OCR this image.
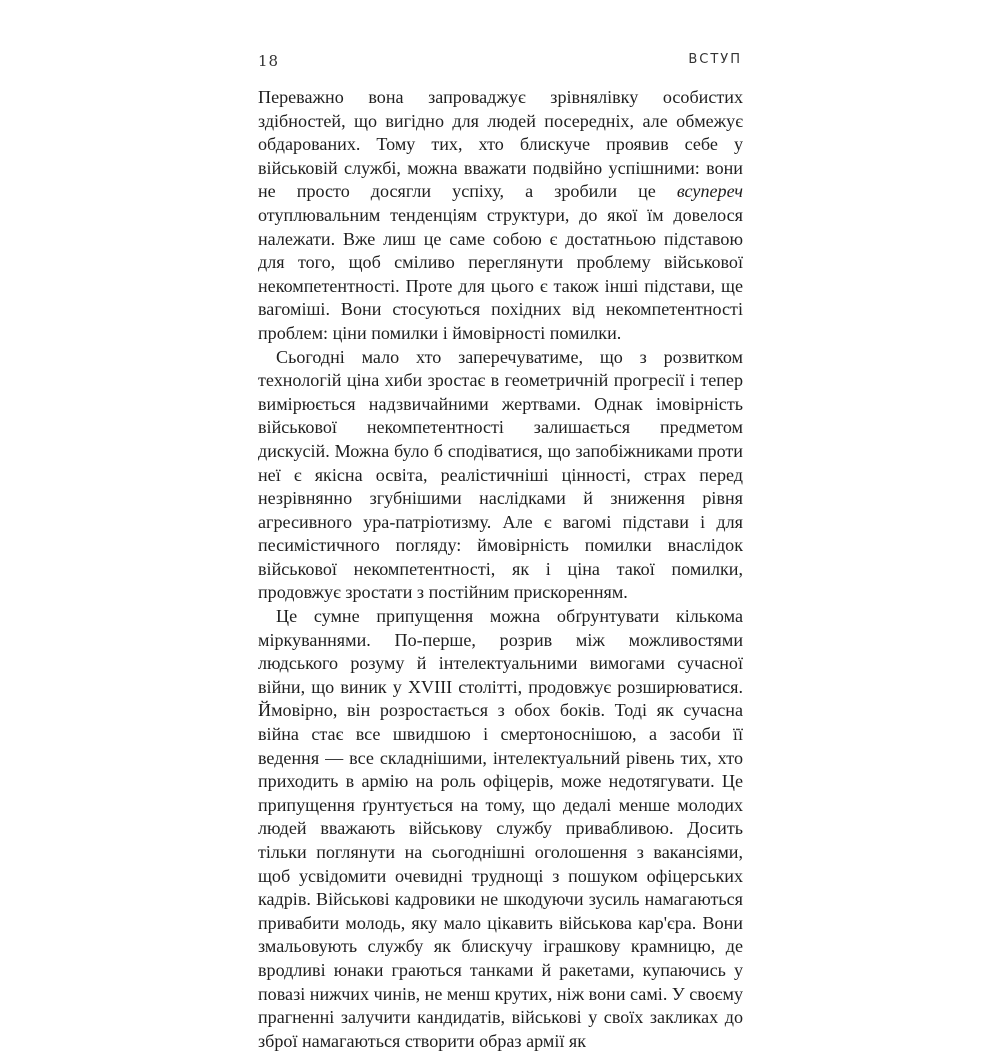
18	ВСТУП

Переважно вона запроваджує зрівнялівку особистих здібностей, що вигідно для людей посередніх, але обмежує обдарованих. Тому тих, хто блискуче проявив себе у військовій службі, можна вважати подвійно успішними: вони не просто досягли успіху, а зробили це всупереч отуплювальним тенденціям структури, до якої їм довелося належати. Вже лиш це саме собою є достатньою підставою для того, щоб сміливо переглянути проблему військової некомпетентності. Проте для цього є також інші підстави, ще вагоміші. Вони стосуються похідних від некомпетентності проблем: ціни помилки і ймовірності помилки.

Сьогодні мало хто заперечуватиме, що з розвитком технологій ціна хиби зростає в геометричній прогресії і тепер вимірюється надзвичайними жертвами. Однак імовірність військової некомпетентності залишається предметом дискусій. Можна було б сподіватися, що запобіжниками проти неї є якісна освіта, реалістичніші цінності, страх перед незрівнянно згубнішими наслідками й зниження рівня агресивного ура-патріотизму. Але є вагомі підстави і для песимістичного погляду: ймовірність помилки внаслідок військової некомпетентності, як і ціна такої помилки, продовжує зростати з постійним прискоренням.

Це сумне припущення можна обґрунтувати кількома міркуваннями. По-перше, розрив між можливостями людського розуму й інтелектуальними вимогами сучасної війни, що виник у XVIII столітті, продовжує розширюватися. Ймовірно, він розростається з обох боків. Тоді як сучасна війна стає все швидшою і смертоноснішою, а засоби її ведення — все складнішими, інтелектуальний рівень тих, хто приходить в армію на роль офіцерів, може недотягувати. Це припущення ґрунтується на тому, що дедалі менше молодих людей вважають військову службу привабливою. Досить тільки поглянути на сьогоднішні оголошення з вакансіями, щоб усвідомити очевидні труднощі з пошуком офіцерських кадрів. Військові кадровики не шкодуючи зусиль намагаються привабити молодь, яку мало цікавить військова кар'єра. Вони змальовують службу як блискучу іграшкову крамницю, де вродливі юнаки граються танками й ракетами, купаючись у повазі нижчих чинів, не менш крутих, ніж вони самі. У своєму прагненні залучити кандидатів, військові у своїх закликах до зброї намагаються створити образ армії як
